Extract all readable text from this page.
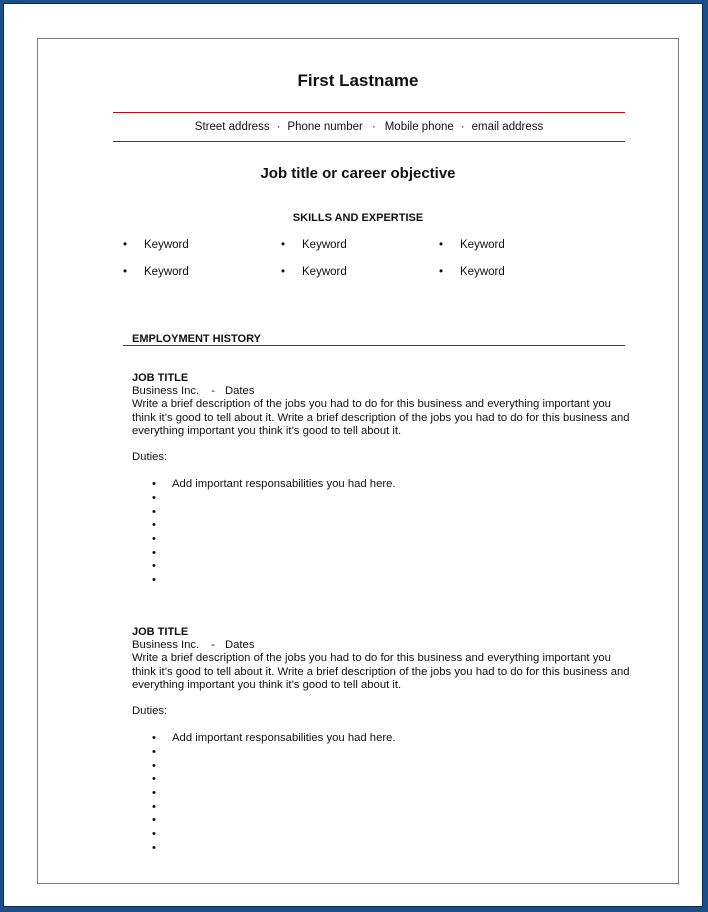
First Lastname
Street address · Phone number · Mobile phone · email address
Job title or career objective
SKILLS AND EXPERTISE
• Keyword	• Keyword	• Keyword
• Keyword	• Keyword	• Keyword
EMPLOYMENT HISTORY
JOB TITLE
Business Inc. - Dates
Write a brief description of the jobs you had to do for this business and everything important you think it’s good to tell about it. Write a brief description of the jobs you had to do for this business and everything important you think it’s good to tell about it.
Duties:
• Add important responsabilities you had here.
•
•
•
•
•
•
•
JOB TITLE
Business Inc. - Dates
Write a brief description of the jobs you had to do for this business and everything important you think it’s good to tell about it. Write a brief description of the jobs you had to do for this business and everything important you think it’s good to tell about it.
Duties:
• Add important responsabilities you had here.
•
•
•
•
•
•
•
•
